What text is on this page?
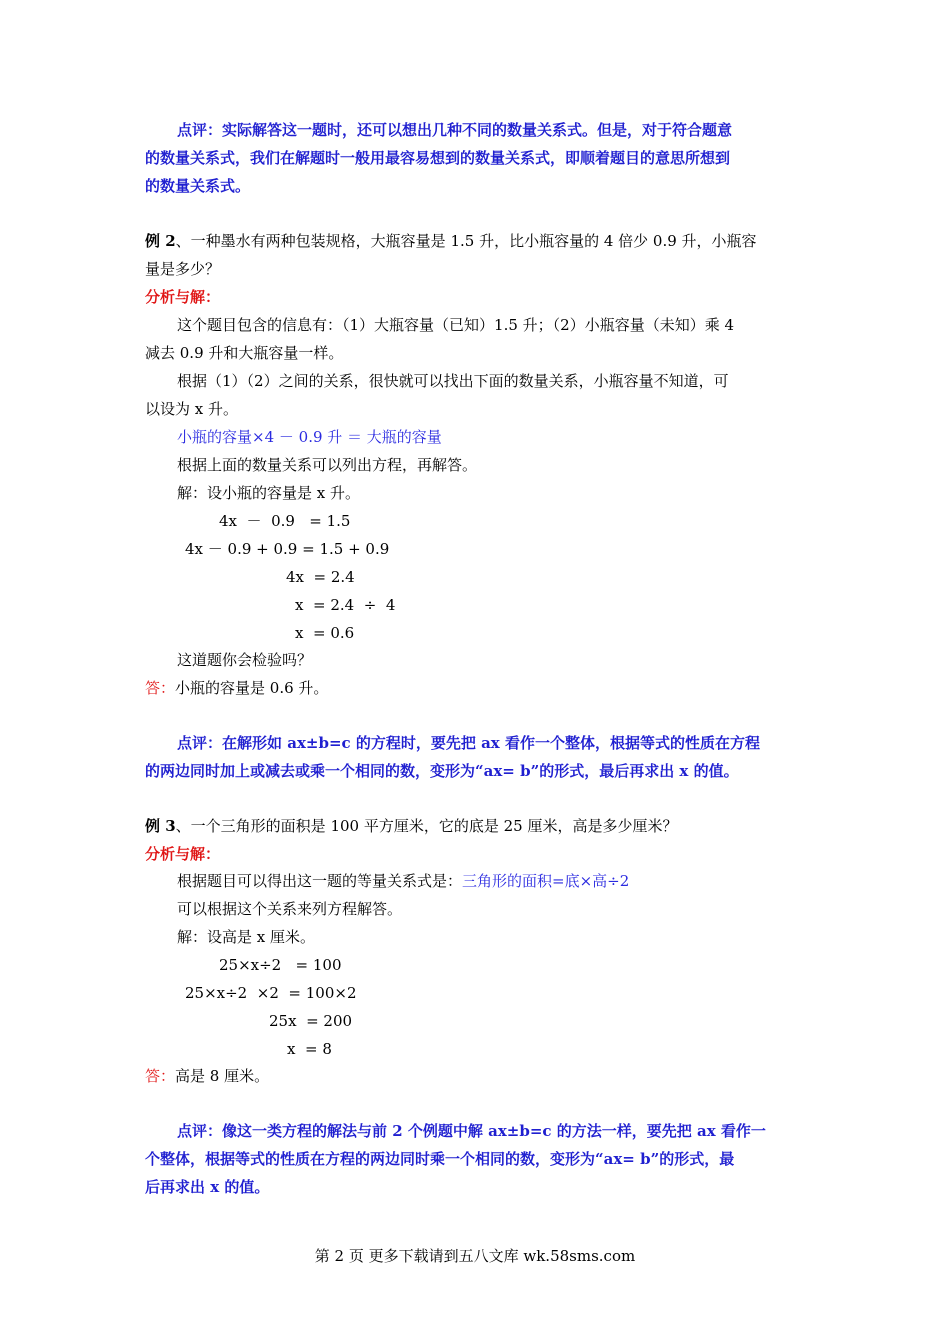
点评：实际解答这一题时，还可以想出几种不同的数量关系式。但是，对于符合题意
的数量关系式，我们在解题时一般用最容易想到的数量关系式，即顺着题目的意思所想到
的数量关系式。
例 2、一种墨水有两种包装规格，大瓶容量是 1.5 升，比小瓶容量的 4 倍少 0.9 升，小瓶容
量是多少？
分析与解：
这个题目包含的信息有：（1）大瓶容量（已知）1.5 升；（2）小瓶容量（未知）乘 4
减去 0.9 升和大瓶容量一样。
根据（1）（2）之间的关系，很快就可以找出下面的数量关系，小瓶容量不知道，可
以设为 x 升。
小瓶的容量×4 － 0.9 升 ＝ 大瓶的容量
根据上面的数量关系可以列出方程，再解答。
解：设小瓶的容量是 x 升。
4x  －  0.9   = 1.5
4x － 0.9 + 0.9 = 1.5 + 0.9
4x  = 2.4
x  = 2.4  ÷  4
x  = 0.6
这道题你会检验吗？
答：小瓶的容量是 0.6 升。
点评：在解形如 ax±b=c 的方程时，要先把 ax 看作一个整体，根据等式的性质在方程
的两边同时加上或减去或乘一个相同的数，变形为“ax= b”的形式，最后再求出 x 的值。
例 3、一个三角形的面积是 100 平方厘米，它的底是 25 厘米，高是多少厘米？
分析与解：
根据题目可以得出这一题的等量关系式是：三角形的面积=底×高÷2
可以根据这个关系来列方程解答。
解：设高是 x 厘米。
25×x÷2   = 100
25×x÷2  ×2  = 100×2
25x  = 200
x  = 8
答：高是 8 厘米。
点评：像这一类方程的解法与前 2 个例题中解 ax±b=c 的方法一样，要先把 ax 看作一
个整体，根据等式的性质在方程的两边同时乘一个相同的数，变形为“ax= b”的形式，最
后再求出 x 的值。
第 2 页 更多下载请到五八文库 wk.58sms.com
